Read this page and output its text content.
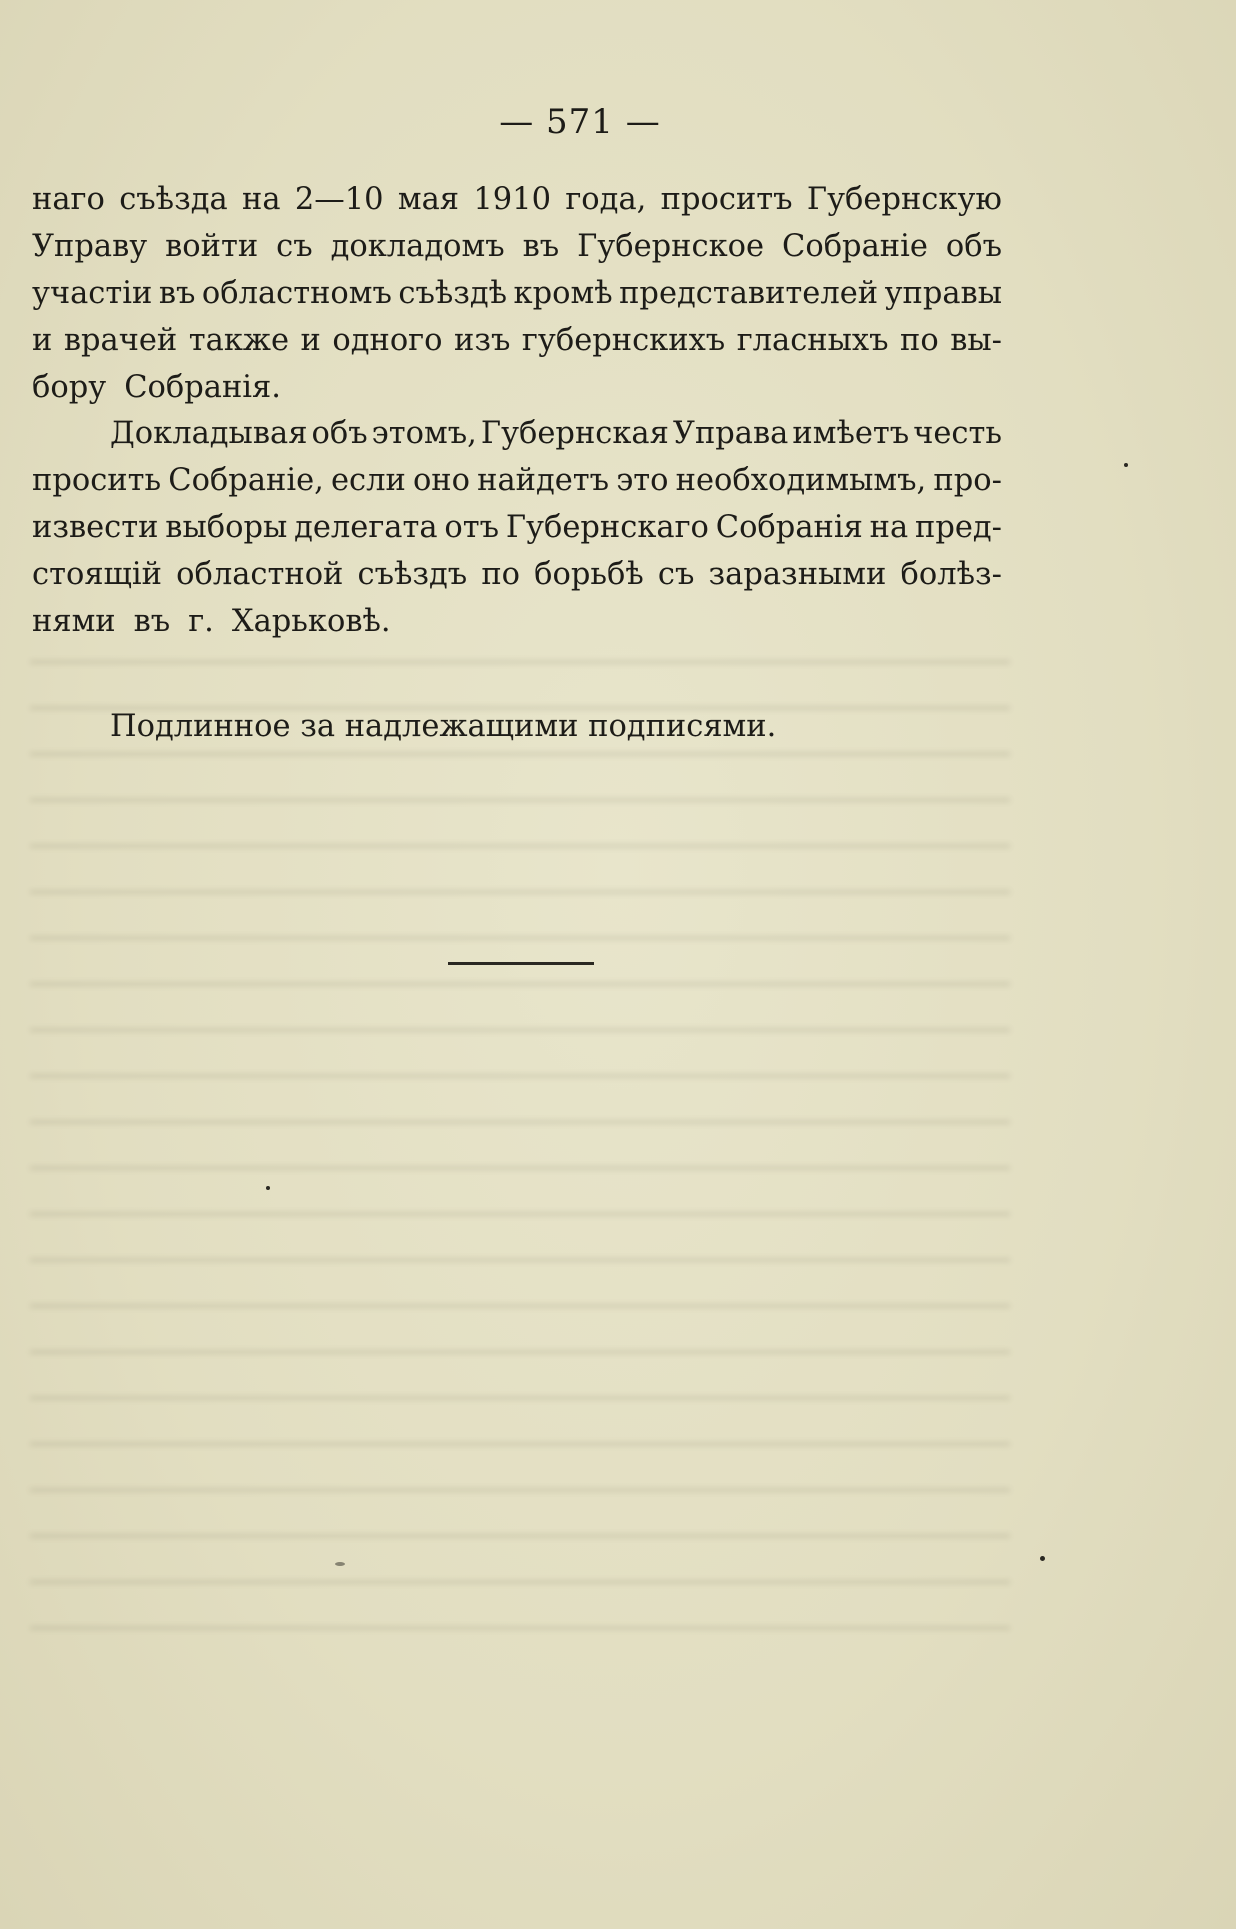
— 571 —
наго съѣзда на 2—10 мая 1910 года, проситъ Губернскую
Управу войти съ докладомъ въ Губернское Собраніе объ
участіи въ областномъ съѣздѣ кромѣ представителей управы
и врачей также и одного изъ губернскихъ гласныхъ по вы-
бору Собранія.
Докладывая объ этомъ, Губернская Управа имѣетъ честь
просить Собраніе, если оно найдетъ это необходимымъ, про-
извести выборы делегата отъ Губернскаго Собранія на пред-
стоящій областной съѣздъ по борьбѣ съ заразными болѣз-
нями въ г. Харьковѣ.
Подлинное за надлежащими подписями.
